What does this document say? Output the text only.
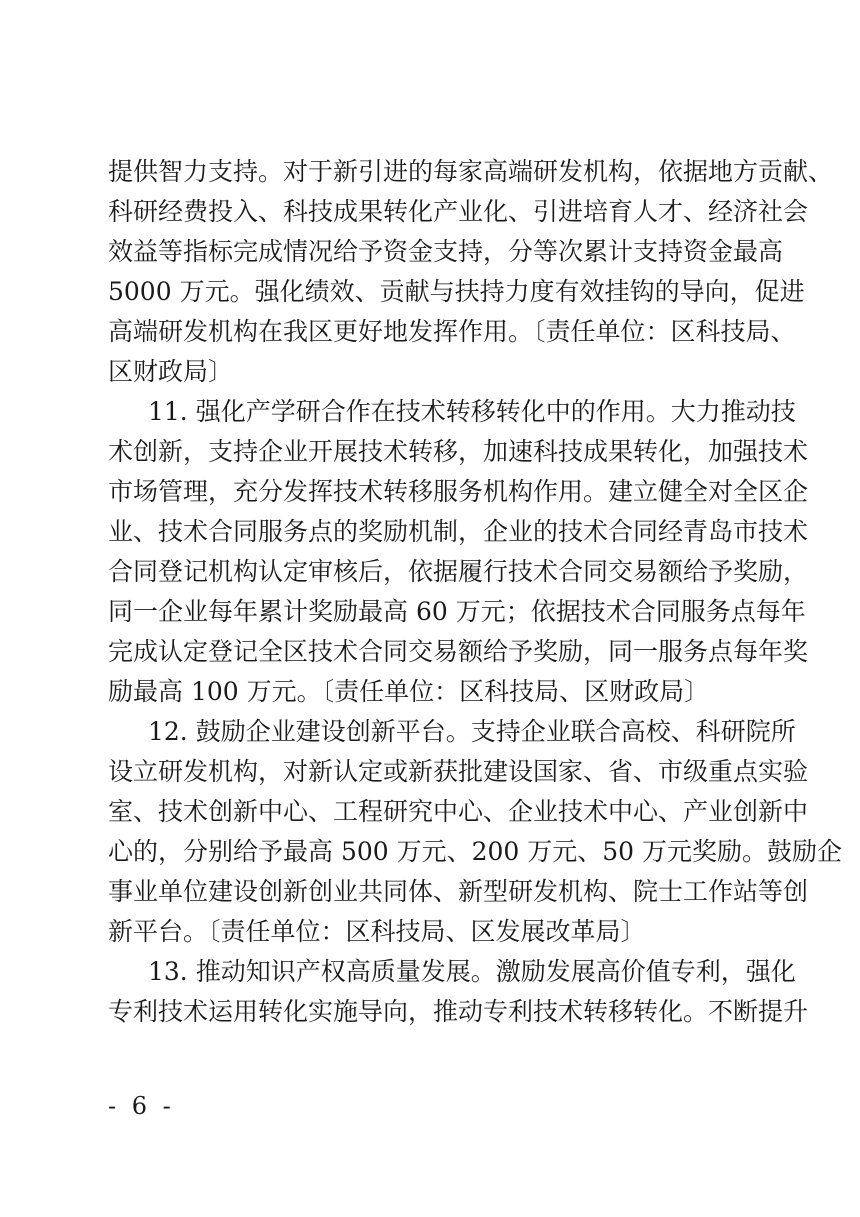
提供智力支持。对于新引进的每家高端研发机构，依据地方贡献、
科研经费投入、科技成果转化产业化、引进培育人才、经济社会
效益等指标完成情况给予资金支持，分等次累计支持资金最高
5000 万元。强化绩效、贡献与扶持力度有效挂钩的导向，促进
高端研发机构在我区更好地发挥作用。〔责任单位：区科技局、
区财政局〕
11. 强化产学研合作在技术转移转化中的作用。大力推动技
术创新，支持企业开展技术转移，加速科技成果转化，加强技术
市场管理，充分发挥技术转移服务机构作用。建立健全对全区企
业、技术合同服务点的奖励机制，企业的技术合同经青岛市技术
合同登记机构认定审核后，依据履行技术合同交易额给予奖励，
同一企业每年累计奖励最高 60 万元；依据技术合同服务点每年
完成认定登记全区技术合同交易额给予奖励，同一服务点每年奖
励最高 100 万元。〔责任单位：区科技局、区财政局〕
12. 鼓励企业建设创新平台。支持企业联合高校、科研院所
设立研发机构，对新认定或新获批建设国家、省、市级重点实验
室、技术创新中心、工程研究中心、企业技术中心、产业创新中
心的，分别给予最高 500 万元、200 万元、50 万元奖励。鼓励企
事业单位建设创新创业共同体、新型研发机构、院士工作站等创
新平台。〔责任单位：区科技局、区发展改革局〕
13. 推动知识产权高质量发展。激励发展高价值专利，强化
专利技术运用转化实施导向，推动专利技术转移转化。不断提升
- 6 -
